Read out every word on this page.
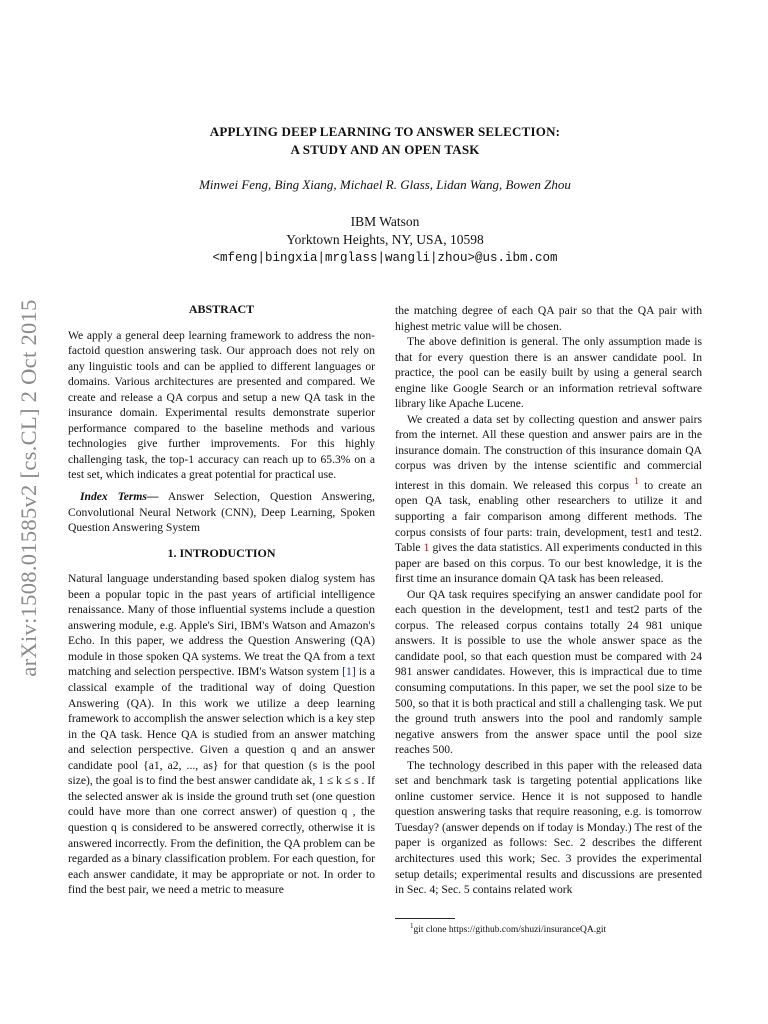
arXiv:1508.01585v2 [cs.CL] 2 Oct 2015
APPLYING DEEP LEARNING TO ANSWER SELECTION:
A STUDY AND AN OPEN TASK
Minwei Feng, Bing Xiang, Michael R. Glass, Lidan Wang, Bowen Zhou
IBM Watson
Yorktown Heights, NY, USA, 10598
<mfeng|bingxia|mrglass|wangli|zhou>@us.ibm.com
ABSTRACT

We apply a general deep learning framework to address the non-factoid question answering task. Our approach does not rely on any linguistic tools and can be applied to different languages or domains. Various architectures are presented and compared. We create and release a QA corpus and setup a new QA task in the insurance domain. Experimental results demonstrate superior performance compared to the baseline methods and various technologies give further improvements. For this highly challenging task, the top-1 accuracy can reach up to 65.3% on a test set, which indicates a great potential for practical use.

Index Terms— Answer Selection, Question Answering, Convolutional Neural Network (CNN), Deep Learning, Spoken Question Answering System

1. INTRODUCTION

Natural language understanding based spoken dialog system has been a popular topic in the past years of artificial intelligence renaissance. Many of those influential systems include a question answering module, e.g. Apple's Siri, IBM's Watson and Amazon's Echo. In this paper, we address the Question Answering (QA) module in those spoken QA systems. We treat the QA from a text matching and selection perspective. IBM's Watson system [1] is a classical example of the traditional way of doing Question Answering (QA). In this work we utilize a deep learning framework to accomplish the answer selection which is a key step in the QA task. Hence QA is studied from an answer matching and selection perspective. Given a question q and an answer candidate pool {a1, a2, ..., as} for that question (s is the pool size), the goal is to find the best answer candidate ak, 1 ≤ k ≤ s . If the selected answer ak is inside the ground truth set (one question could have more than one correct answer) of question q , the question q is considered to be answered correctly, otherwise it is answered incorrectly. From the definition, the QA problem can be regarded as a binary classification problem. For each question, for each answer candidate, it may be appropriate or not. In order to find the best pair, we need a metric to measure

the matching degree of each QA pair so that the QA pair with highest metric value will be chosen.

The above definition is general. The only assumption made is that for every question there is an answer candidate pool. In practice, the pool can be easily built by using a general search engine like Google Search or an information retrieval software library like Apache Lucene.

We created a data set by collecting question and answer pairs from the internet. All these question and answer pairs are in the insurance domain. The construction of this insurance domain QA corpus was driven by the intense scientific and commercial interest in this domain. We released this corpus $^1$ to create an open QA task, enabling other researchers to utilize it and supporting a fair comparison among different methods. The corpus consists of four parts: train, development, test1 and test2. Table 1 gives the data statistics. All experiments conducted in this paper are based on this corpus. To our best knowledge, it is the first time an insurance domain QA task has been released.

Our QA task requires specifying an answer candidate pool for each question in the development, test1 and test2 parts of the corpus. The released corpus contains totally 24 981 unique answers. It is possible to use the whole answer space as the candidate pool, so that each question must be compared with 24 981 answer candidates. However, this is impractical due to time consuming computations. In this paper, we set the pool size to be 500, so that it is both practical and still a challenging task. We put the ground truth answers into the pool and randomly sample negative answers from the answer space until the pool size reaches 500.

The technology described in this paper with the released data set and benchmark task is targeting potential applications like online customer service. Hence it is not supposed to handle question answering tasks that require reasoning, e.g. is tomorrow Tuesday? (answer depends on if today is Monday.) The rest of the paper is organized as follows: Sec. 2 describes the different architectures used this work; Sec. 3 provides the experimental setup details; experimental results and discussions are presented in Sec. 4; Sec. 5 contains related work

$^1$git clone https://github.com/shuzi/insuranceQA.git
